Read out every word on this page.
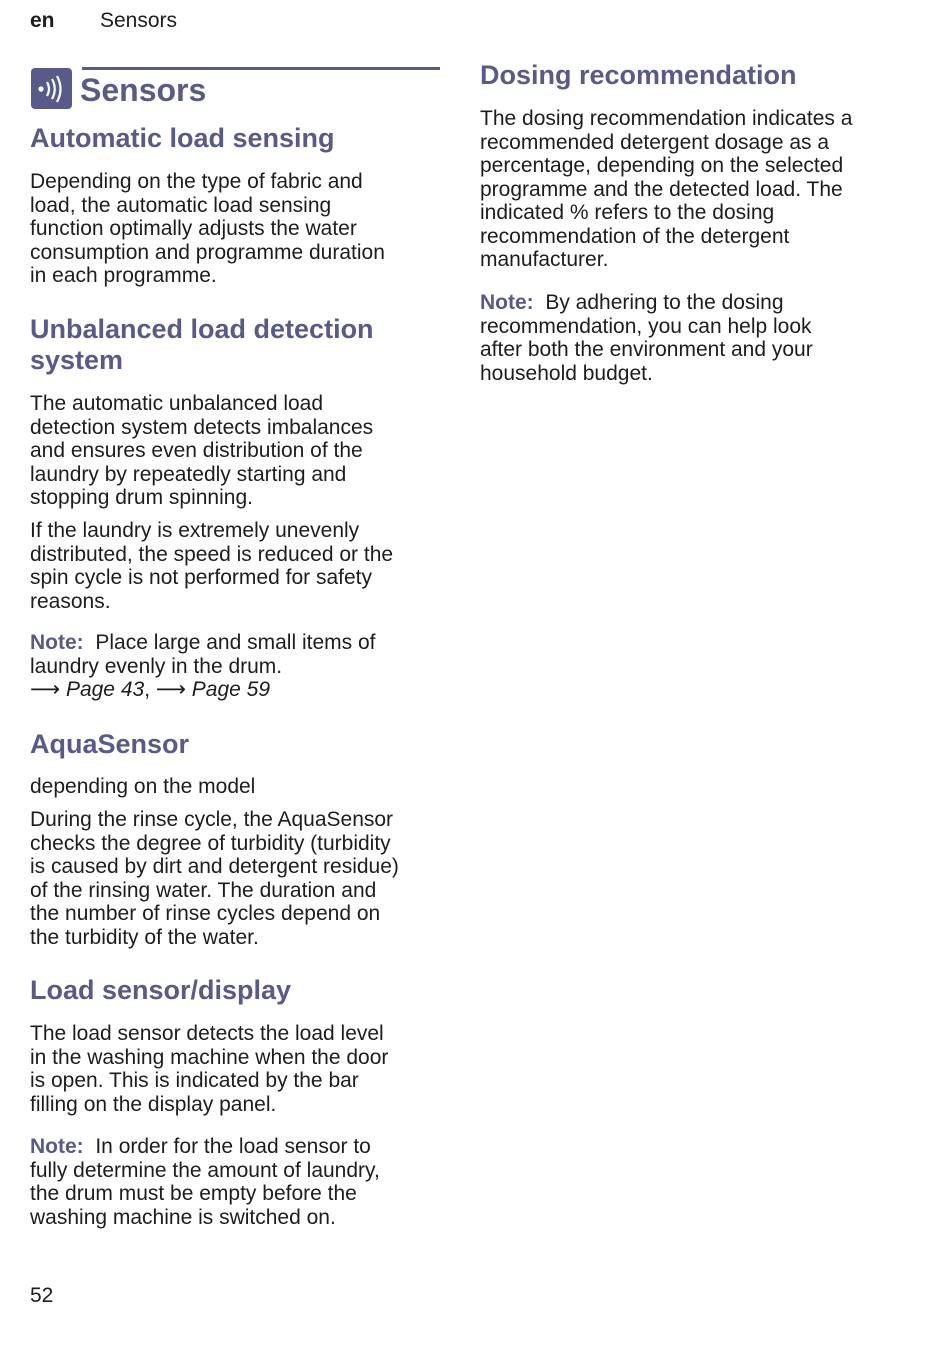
en Sensors
Sensors
Automatic load sensing

Depending on the type of fabric and
load, the automatic load sensing
function optimally adjusts the water
consumption and programme duration
in each programme.

Unbalanced load detection
system

The automatic unbalanced load
detection system detects imbalances
and ensures even distribution of the
laundry by repeatedly starting and
stopping drum spinning.

If the laundry is extremely unevenly
distributed, the speed is reduced or the
spin cycle is not performed for safety
reasons.

Note: Place large and small items of
laundry evenly in the drum.
⟶ Page 43, ⟶ Page 59

AquaSensor

depending on the model

During the rinse cycle, the AquaSensor
checks the degree of turbidity (turbidity
is caused by dirt and detergent residue)
of the rinsing water. The duration and
the number of rinse cycles depend on
the turbidity of the water.

Load sensor/display

The load sensor detects the load level
in the washing machine when the door
is open. This is indicated by the bar
filling on the display panel.

Note: In order for the load sensor to
fully determine the amount of laundry,
the drum must be empty before the
washing machine is switched on.

Dosing recommendation

The dosing recommendation indicates a
recommended detergent dosage as a
percentage, depending on the selected
programme and the detected load. The
indicated % refers to the dosing
recommendation of the detergent
manufacturer.

Note: By adhering to the dosing
recommendation, you can help look
after both the environment and your
household budget.

52
